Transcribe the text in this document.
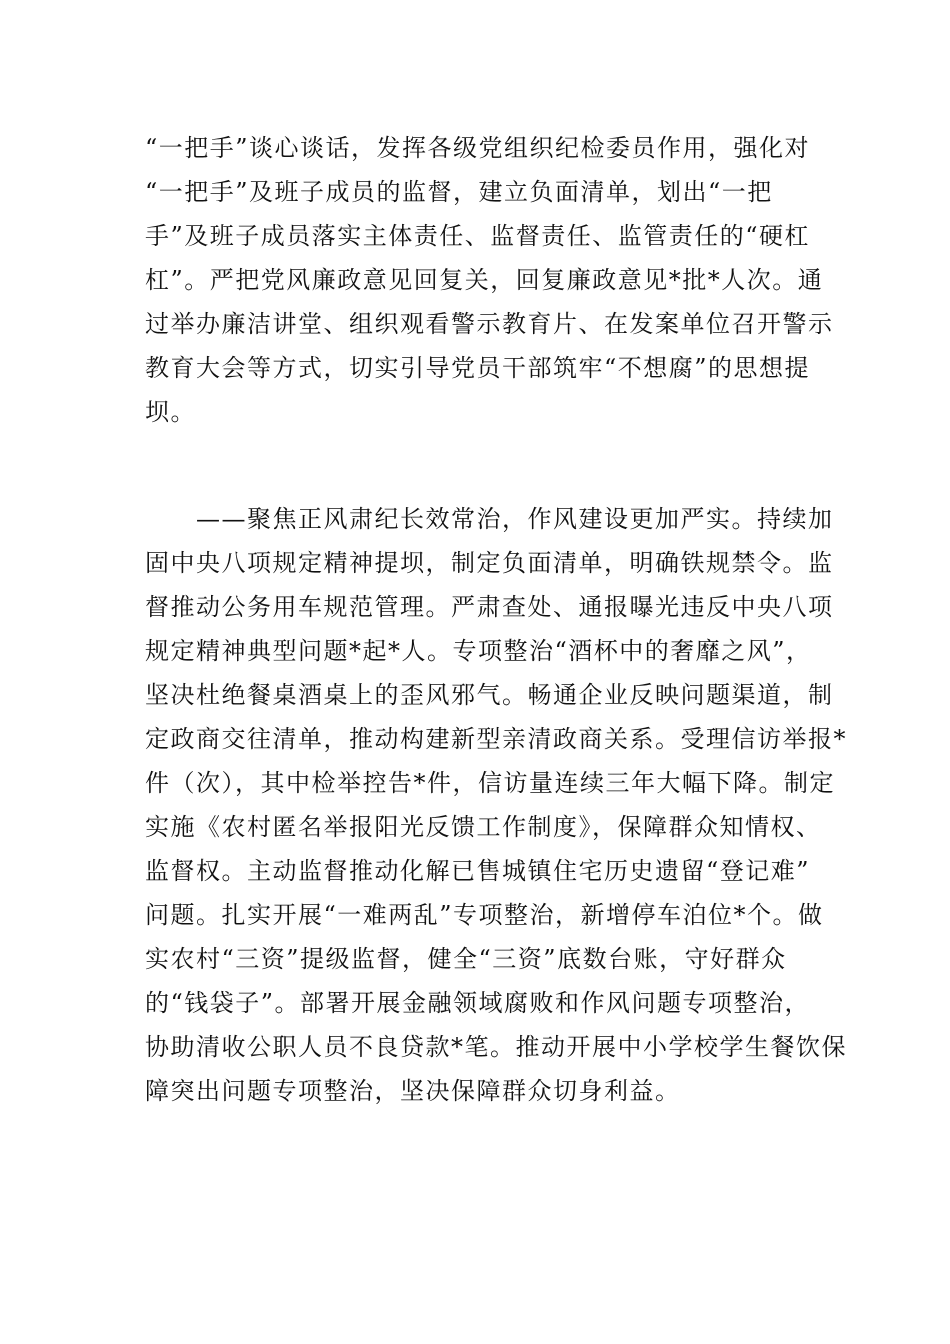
“一把手”谈心谈话，发挥各级党组织纪检委员作用，强化对
“一把手”及班子成员的监督，建立负面清单，划出“一把
手”及班子成员落实主体责任、监督责任、监管责任的“硬杠
杠”。严把党风廉政意见回复关，回复廉政意见*批*人次。通
过举办廉洁讲堂、组织观看警示教育片、在发案单位召开警示
教育大会等方式，切实引导党员干部筑牢“不想腐”的思想提
坝。
　　——聚焦正风肃纪长效常治，作风建设更加严实。持续加
固中央八项规定精神提坝，制定负面清单，明确铁规禁令。监
督推动公务用车规范管理。严肃查处、通报曝光违反中央八项
规定精神典型问题*起*人。专项整治“酒杯中的奢靡之风”，
坚决杜绝餐桌酒桌上的歪风邪气。畅通企业反映问题渠道，制
定政商交往清单，推动构建新型亲清政商关系。受理信访举报*
件（次），其中检举控告*件，信访量连续三年大幅下降。制定
实施《农村匿名举报阳光反馈工作制度》，保障群众知情权、
监督权。主动监督推动化解已售城镇住宅历史遗留“登记难”
问题。扎实开展“一难两乱”专项整治，新增停车泊位*个。做
实农村“三资”提级监督，健全“三资”底数台账，守好群众
的“钱袋子”。部署开展金融领域腐败和作风问题专项整治，
协助清收公职人员不良贷款*笔。推动开展中小学校学生餐饮保
障突出问题专项整治，坚决保障群众切身利益。
